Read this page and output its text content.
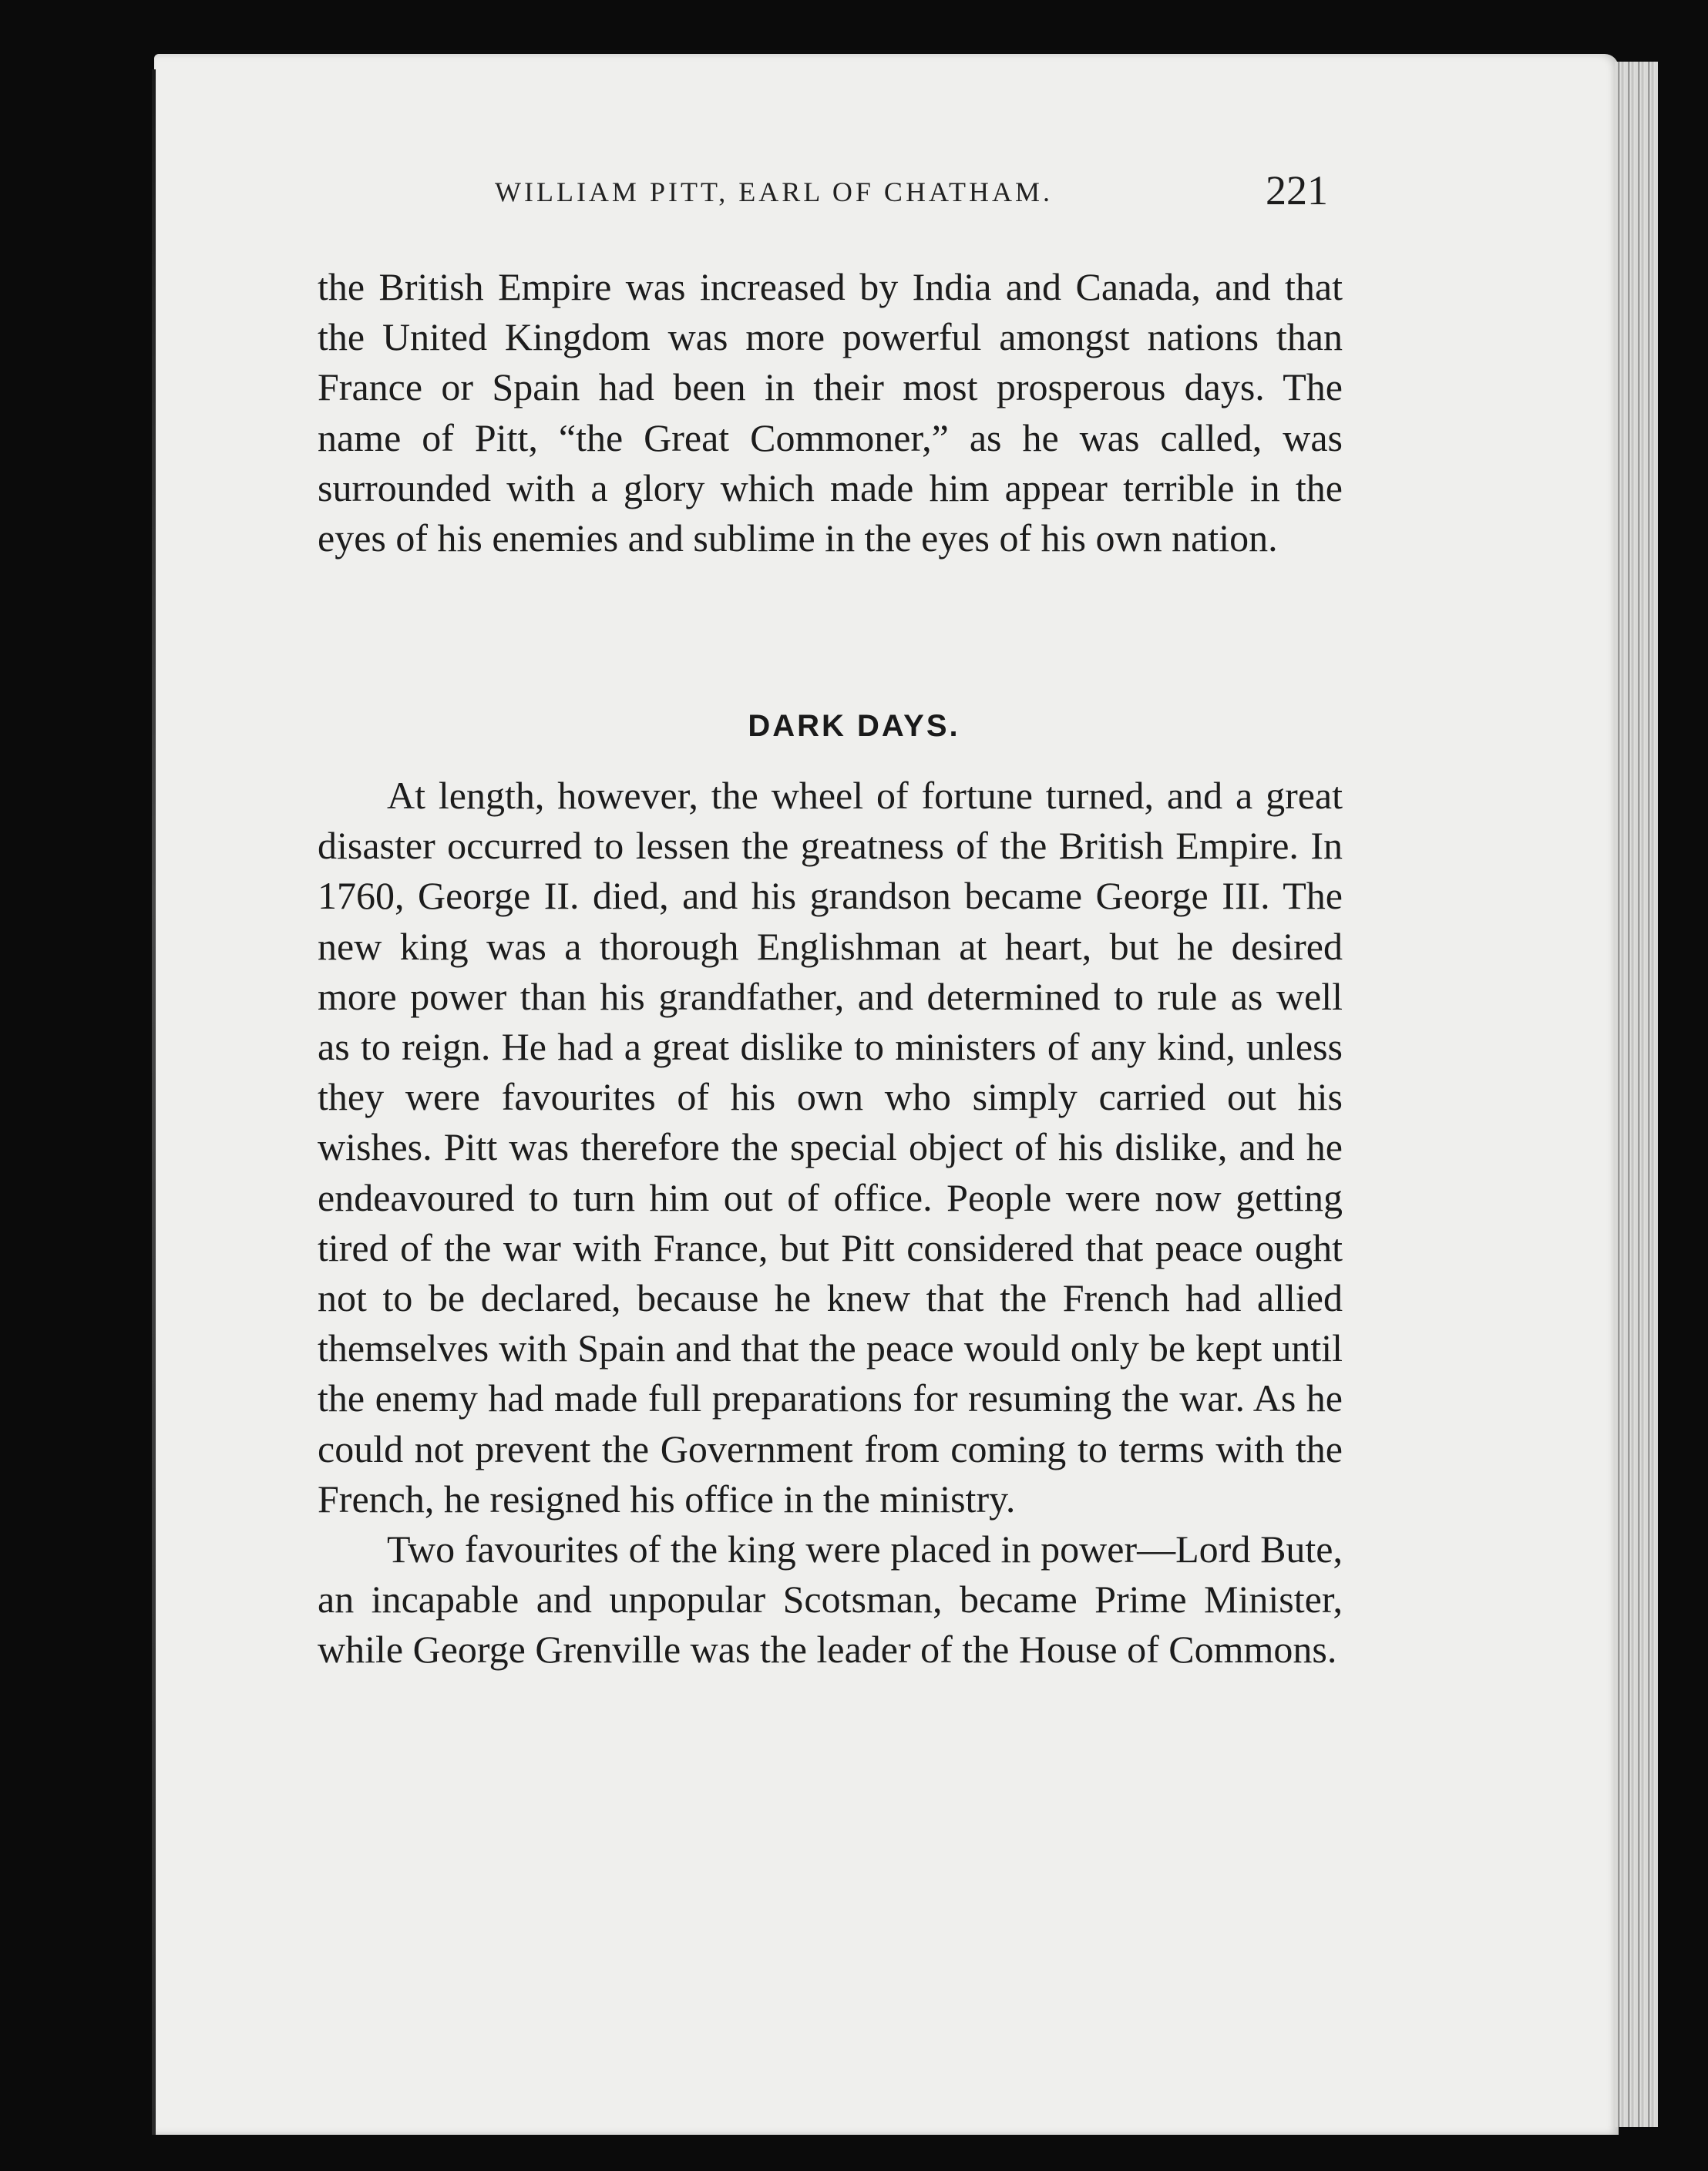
WILLIAM PITT, EARL OF CHATHAM.	221

the British Empire was increased by India and Canada, and that the United Kingdom was more powerful amongst nations than France or Spain had been in their most prosperous days. The name of Pitt, “the Great Commoner,” as he was called, was surrounded with a glory which made him appear terrible in the eyes of his enemies and sublime in the eyes of his own nation.

DARK DAYS.

At length, however, the wheel of fortune turned, and a great disaster occurred to lessen the greatness of the British Empire. In 1760, George II. died, and his grandson became George III. The new king was a thorough Englishman at heart, but he desired more power than his grandfather, and determined to rule as well as to reign. He had a great dislike to ministers of any kind, unless they were favourites of his own who simply carried out his wishes. Pitt was therefore the special object of his dislike, and he endeavoured to turn him out of office. People were now getting tired of the war with France, but Pitt considered that peace ought not to be declared, because he knew that the French had allied themselves with Spain and that the peace would only be kept until the enemy had made full preparations for resuming the war. As he could not prevent the Government from coming to terms with the French, he resigned his office in the ministry.

Two favourites of the king were placed in power—Lord Bute, an incapable and unpopular Scotsman, became Prime Minister, while George Grenville was the leader of the House of Commons.
